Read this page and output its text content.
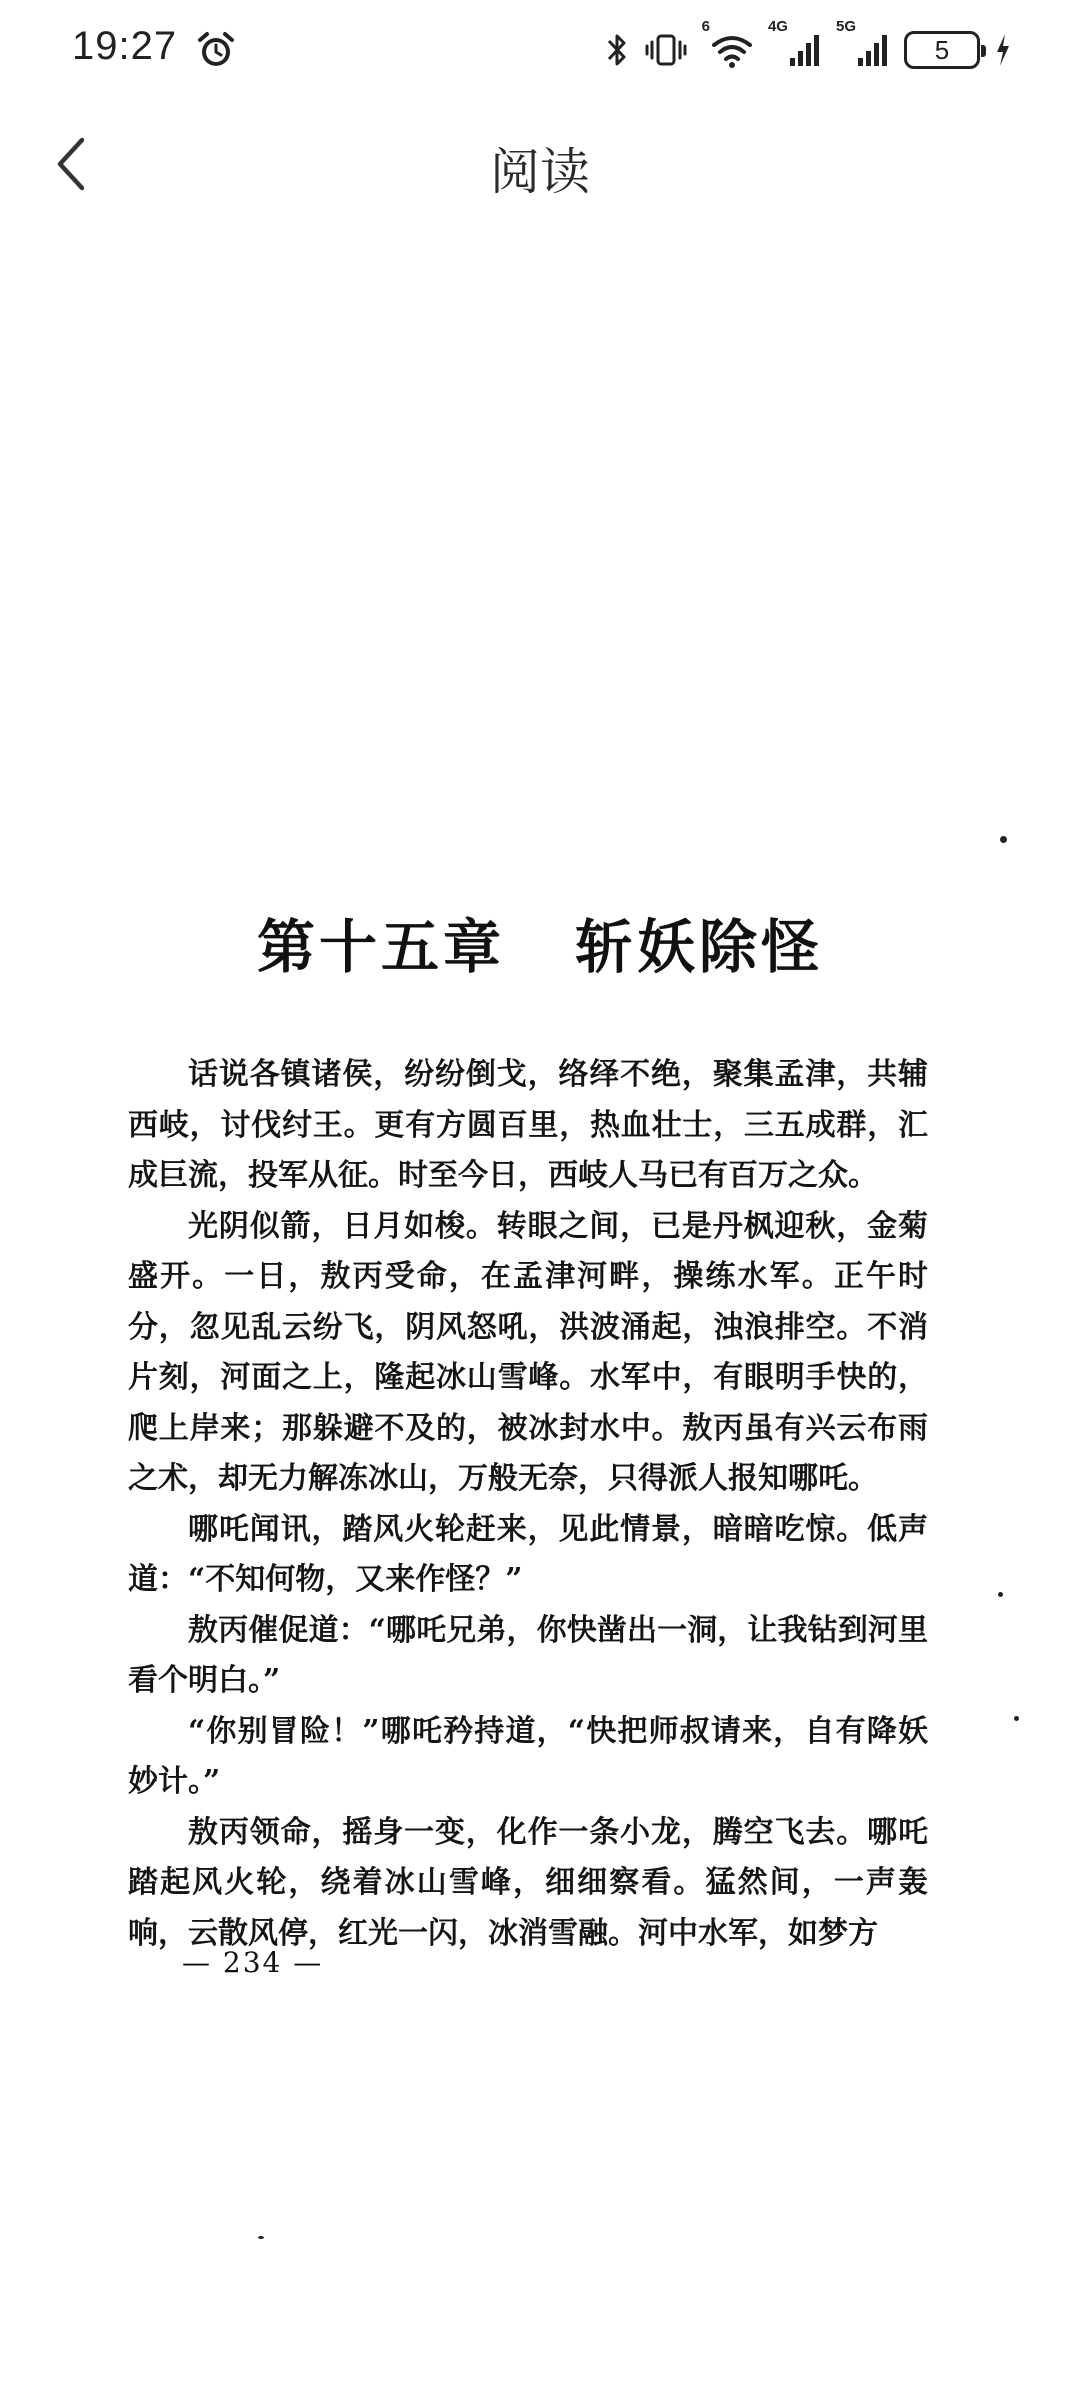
19:27	6	4G	5G
5
阅读
第十五章 斩妖除怪

话说各镇诸侯，纷纷倒戈，络绎不绝，聚集孟津，共辅西岐，讨伐纣王。更有方圆百里，热血壮士，三五成群，汇成巨流，投军从征。时至今日，西岐人马已有百万之众。

光阴似箭，日月如梭。转眼之间，已是丹枫迎秋，金菊盛开。一日，敖丙受命，在孟津河畔，操练水军。正午时分，忽见乱云纷飞，阴风怒吼，洪波涌起，浊浪排空。不消片刻，河面之上，隆起冰山雪峰。水军中，有眼明手快的，爬上岸来；那躲避不及的，被冰封水中。敖丙虽有兴云布雨之术，却无力解冻冰山，万般无奈，只得派人报知哪吒。

哪吒闻讯，踏风火轮赶来，见此情景，暗暗吃惊。低声道：“不知何物，又来作怪？”

敖丙催促道：“哪吒兄弟，你快凿出一洞，让我钻到河里看个明白。”

“你别冒险！”哪吒矜持道，“快把师叔请来，自有降妖妙计。”

敖丙领命，摇身一变，化作一条小龙，腾空飞去。哪吒踏起风火轮，绕着冰山雪峰，细细察看。猛然间，一声轰响，云散风停，红光一闪，冰消雪融。河中水军，如梦方

— 234 —
